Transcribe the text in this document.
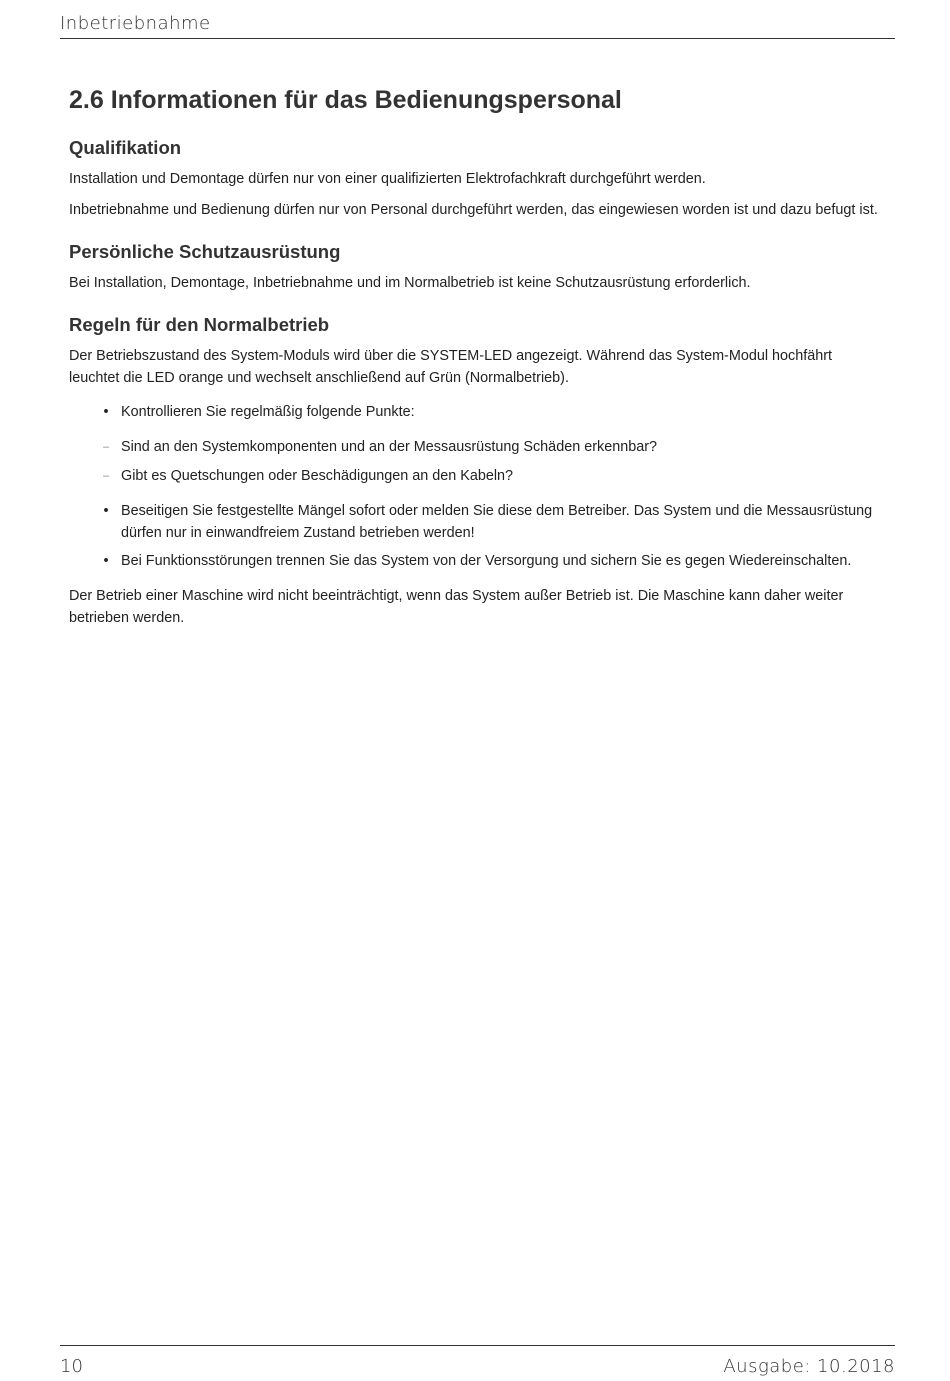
Inbetriebnahme
2.6 Informationen für das Bedienungspersonal
Qualifikation

Installation und Demontage dürfen nur von einer qualifizierten Elektrofachkraft durchgeführt werden.

Inbetriebnahme und Bedienung dürfen nur von Personal durchgeführt werden, das eingewiesen worden ist und dazu befugt ist.

Persönliche Schutzausrüstung

Bei Installation, Demontage, Inbetriebnahme und im Normalbetrieb ist keine Schutzausrüstung erforderlich.

Regeln für den Normalbetrieb

Der Betriebszustand des System-Moduls wird über die SYSTEM-LED angezeigt. Während das System-Modul hochfährt leuchtet die LED orange und wechselt anschließend auf Grün (Normalbetrieb).

• Kontrollieren Sie regelmäßig folgende Punkte:
– Sind an den Systemkomponenten und an der Messausrüstung Schäden erkennbar?
– Gibt es Quetschungen oder Beschädigungen an den Kabeln?
• Beseitigen Sie festgestellte Mängel sofort oder melden Sie diese dem Betreiber. Das System und die Messausrüstung dürfen nur in einwandfreiem Zustand betrieben werden!
• Bei Funktionsstörungen trennen Sie das System von der Versorgung und sichern Sie es gegen Wiedereinschalten.

Der Betrieb einer Maschine wird nicht beeinträchtigt, wenn das System außer Betrieb ist. Die Maschine kann daher weiter betrieben werden.

10	Ausgabe: 10.2018
